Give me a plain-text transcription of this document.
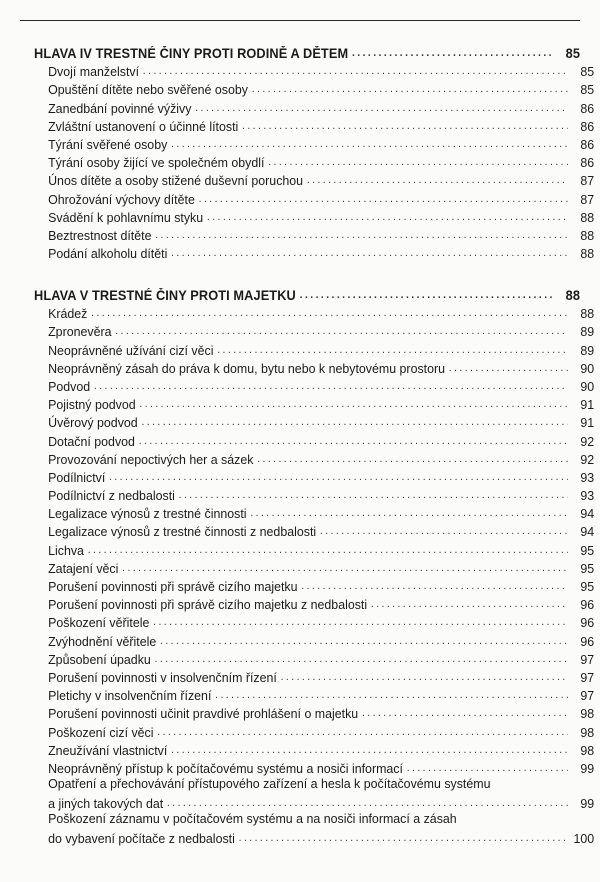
HLAVA IV TRESTNÉ ČINY PROTI RODINĚ A DĚTEM .....	85
Dvojí manželství .....	85
Opuštění dítěte nebo svěřené osoby .....	85
Zanedbání povinné výživy .....	86
Zvláštní ustanovení o účinné lítosti .....	86
Týrání svěřené osoby .....	86
Týrání osoby žijící ve společném obydlí .....	86
Únos dítěte a osoby stižené duševní poruchou .....	87
Ohrožování výchovy dítěte .....	87
Svádění k pohlavnímu styku .....	88
Beztrestnost dítěte .....	88
Podání alkoholu dítěti .....	88
HLAVA V TRESTNÉ ČINY PROTI MAJETKU .....	88
Krádež .....	88
Zpronevěra .....	89
Neoprávněné užívání cizí věci .....	89
Neoprávněný zásah do práva k domu, bytu nebo k nebytovému prostoru .....	90
Podvod .....	90
Pojistný podvod .....	91
Úvěrový podvod .....	91
Dotační podvod .....	92
Provozování nepoctivých her a sázek .....	92
Podílnictví .....	93
Podílnictví z nedbalosti .....	93
Legalizace výnosů z trestné činnosti .....	94
Legalizace výnosů z trestné činnosti z nedbalosti .....	94
Lichva .....	95
Zatajení věci .....	95
Porušení povinnosti při správě cizího majetku .....	95
Porušení povinnosti při správě cizího majetku z nedbalosti .....	96
Poškození věřitele .....	96
Zvýhodnění věřitele .....	96
Způsobení úpadku .....	97
Porušení povinnosti v insolvenčním řízení .....	97
Pletichy v insolvenčním řízení .....	97
Porušení povinnosti učinit pravdivé prohlášení o majetku .....	98
Poškození cizí věci .....	98
Zneužívání vlastnictví .....	98
Neoprávněný přístup k počítačovému systému a nosiči informací .....	99
Opatření a přechovávání přístupového zařízení a hesla k počítačovému systému
a jiných takových dat .....	99
Poškození záznamu v počítačovém systému a na nosiči informací a zásah
do vybavení počítače z nedbalosti .....	100
